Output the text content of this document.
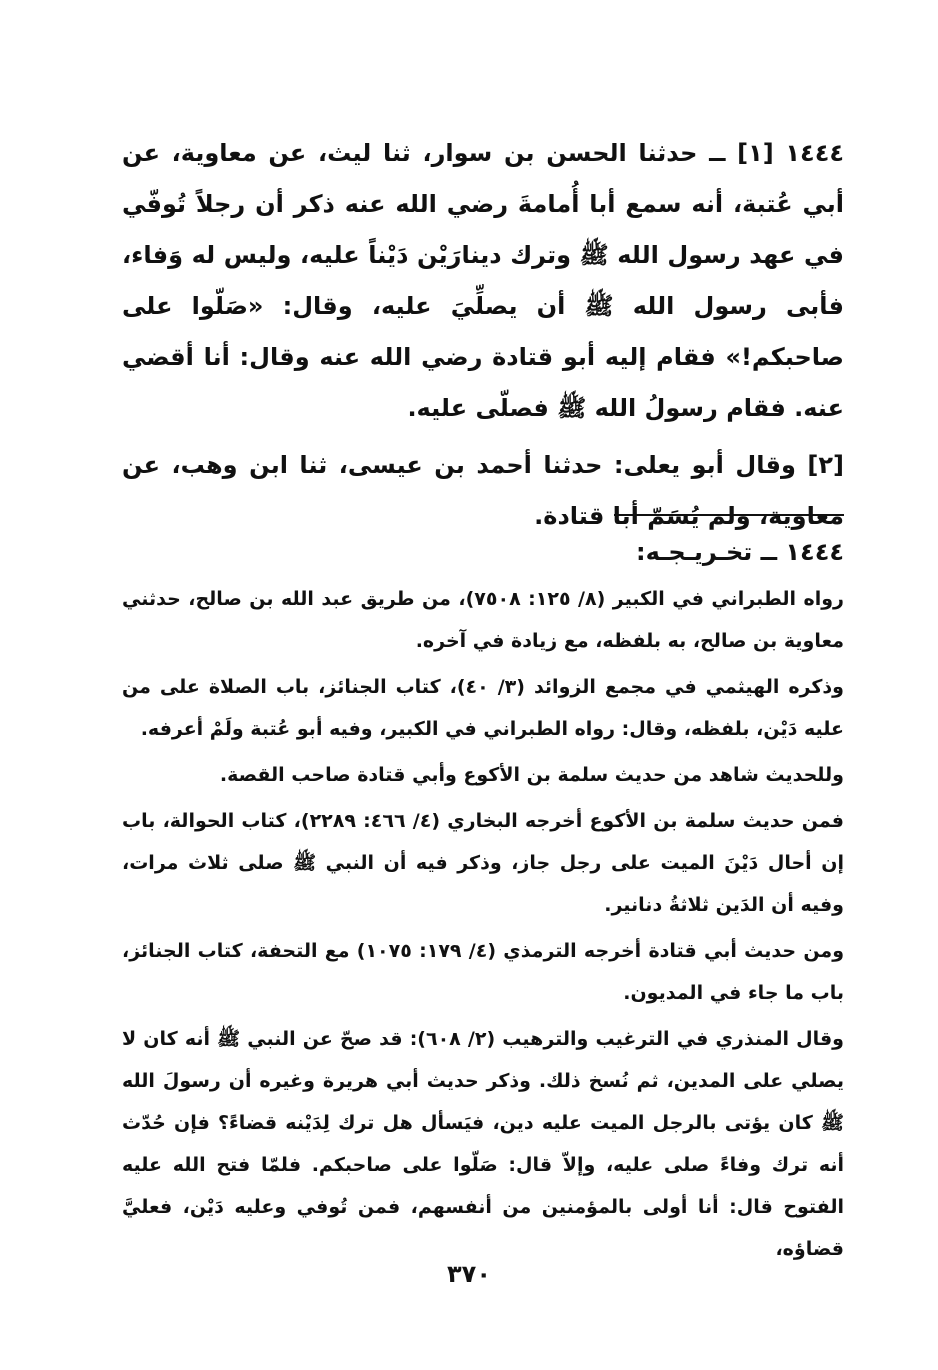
١٤٤٤ [١] ــ حدثنا الحسن بن سوار، ثنا ليث، عن معاوية، عن أبي عُتبة، أنه سمع أبا أُمامةَ رضي الله عنه ذكر أن رجلاً تُوفّي في عهد رسول الله ﷺ وترك دينارَيْن دَيْناً عليه، وليس له وَفاء، فأبى رسول الله ﷺ أن يصلِّيَ عليه، وقال: «صَلّوا على صاحبكم!» فقام إليه أبو قتادة رضي الله عنه وقال: أنا أقضي عنه. فقام رسولُ الله ﷺ فصلّى عليه.

[٢] وقال أبو يعلى: حدثنا أحمد بن عيسى، ثنا ابن وهب، عن معاوية، ولم يُسَمّ أبا قتادة.

١٤٤٤ ــ تخـريـجـه:

رواه الطبراني في الكبير (٨/ ١٢٥: ٧٥٠٨)، من طريق عبد الله بن صالح، حدثني معاوية بن صالح، به بلفظه، مع زيادة في آخره.

وذكره الهيثمي في مجمع الزوائد (٣/ ٤٠)، كتاب الجنائز، باب الصلاة على من عليه دَيْن، بلفظه، وقال: رواه الطبراني في الكبير، وفيه أبو عُتبة ولَمْ أعرفه.

وللحديث شاهد من حديث سلمة بن الأكوع وأبي قتادة صاحب القصة.

فمن حديث سلمة بن الأكوع أخرجه البخاري (٤/ ٤٦٦: ٢٢٨٩)، كتاب الحوالة، باب إن أحال دَيْنَ الميت على رجل جاز، وذكر فيه أن النبي ﷺ صلى ثلاث مرات، وفيه أن الدَين ثلاثةُ دنانير.

ومن حديث أبي قتادة أخرجه الترمذي (٤/ ١٧٩: ١٠٧٥) مع التحفة، كتاب الجنائز، باب ما جاء في المديون.

وقال المنذري في الترغيب والترهيب (٢/ ٦٠٨): قد صحّ عن النبي ﷺ أنه كان لا يصلي على المدين، ثم نُسخ ذلك. وذكر حديث أبي هريرة وغيره أن رسولَ الله ﷺ كان يؤتى بالرجل الميت عليه دين، فيَسأل هل ترك لِدَيْنه قضاءً؟ فإن حُدّث أنه ترك وفاءً صلى عليه، وإلاّ قال: صَلّوا على صاحبكم. فلمّا فتح الله عليه الفتوح قال: أنا أولى بالمؤمنين من أنفسهم، فمن تُوفي وعليه دَيْن، فعليَّ قضاؤه،

٣٧٠
